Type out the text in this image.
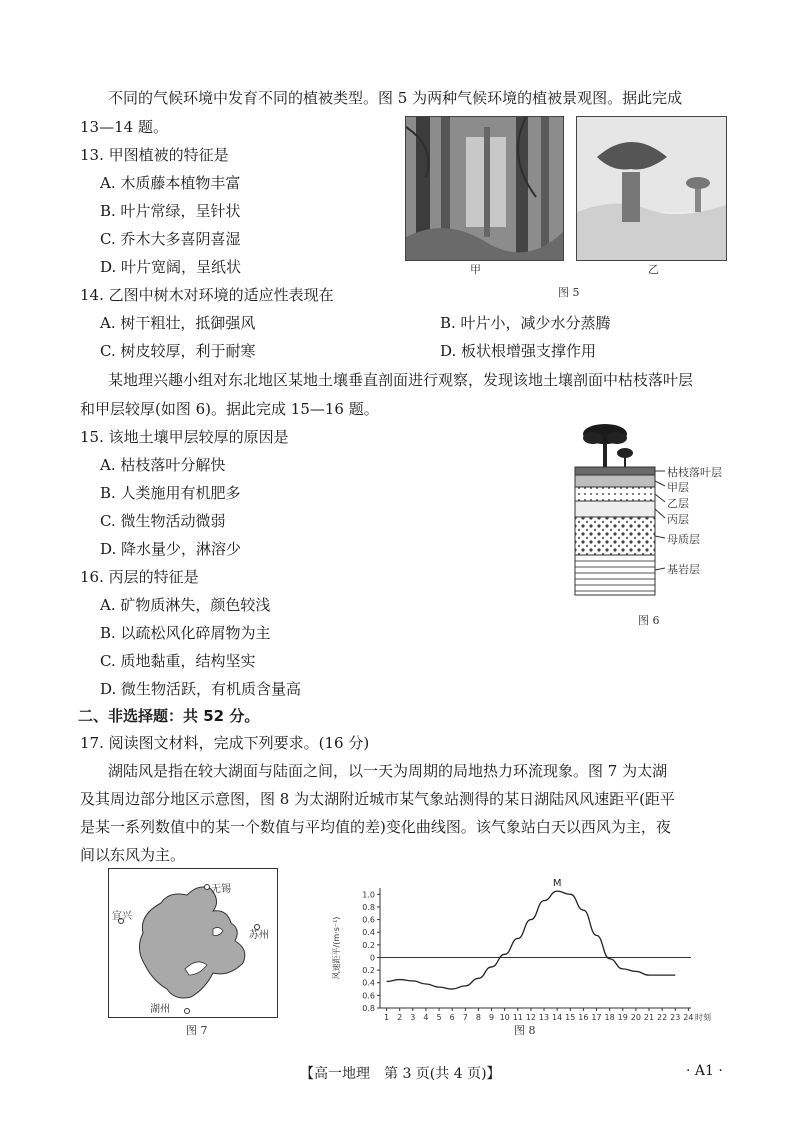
不同的气候环境中发育不同的植被类型。图 5 为两种气候环境的植被景观图。据此完成
13—14 题。
13. 甲图植被的特征是
A. 木质藤本植物丰富
B. 叶片常绿，呈针状
C. 乔木大多喜阴喜湿
D. 叶片宽阔，呈纸状	甲
图 5
乙
14. 乙图中树木对环境的适应性表现在
A. 树干粗壮，抵御强风	B. 叶片小，减少水分蒸腾
C. 树皮较厚，利于耐寒	D. 板状根增强支撑作用
某地理兴趣小组对东北地区某地土壤垂直剖面进行观察，发现该地土壤剖面中枯枝落叶层
和甲层较厚(如图 6)。据此完成 15—16 题。
15. 该地土壤甲层较厚的原因是
A. 枯枝落叶分解快
B. 人类施用有机肥多
C. 微生物活动微弱
D. 降水量少，淋溶少
16. 丙层的特征是
A. 矿物质淋失，颜色较浅
B. 以疏松风化碎屑物为主
C. 质地黏重，结构坚实
D. 微生物活跃，有机质含量高
枯枝落叶层
甲层
乙层
丙层
母质层
基岩层
图 6
二、非选择题：共 52 分。
17. 阅读图文材料，完成下列要求。(16 分)
湖陆风是指在较大湖面与陆面之间，以一天为周期的局地热力环流现象。图 7 为太湖
及其周边部分地区示意图，图 8 为太湖附近城市某气象站测得的某日湖陆风风速距平(距平
是某一系列数值中的某一个数值与平均值的差)变化曲线图。该气象站白天以西风为主，夜
间以东风为主。
无锡
宜兴
苏州
湖州
图 7
1.0
0.8
0.6
0.4
0.2
0
0.2
0.4
0.6
0.8
1 2 3 4 5 6 7 8 9 10 11 12 13 14 15 16 17 18 19 20 21 22 23 24 时刻
风速距平/(m·s⁻¹)
M
图 8
【高一地理　第 3 页(共 4 页)】	· A1 ·
